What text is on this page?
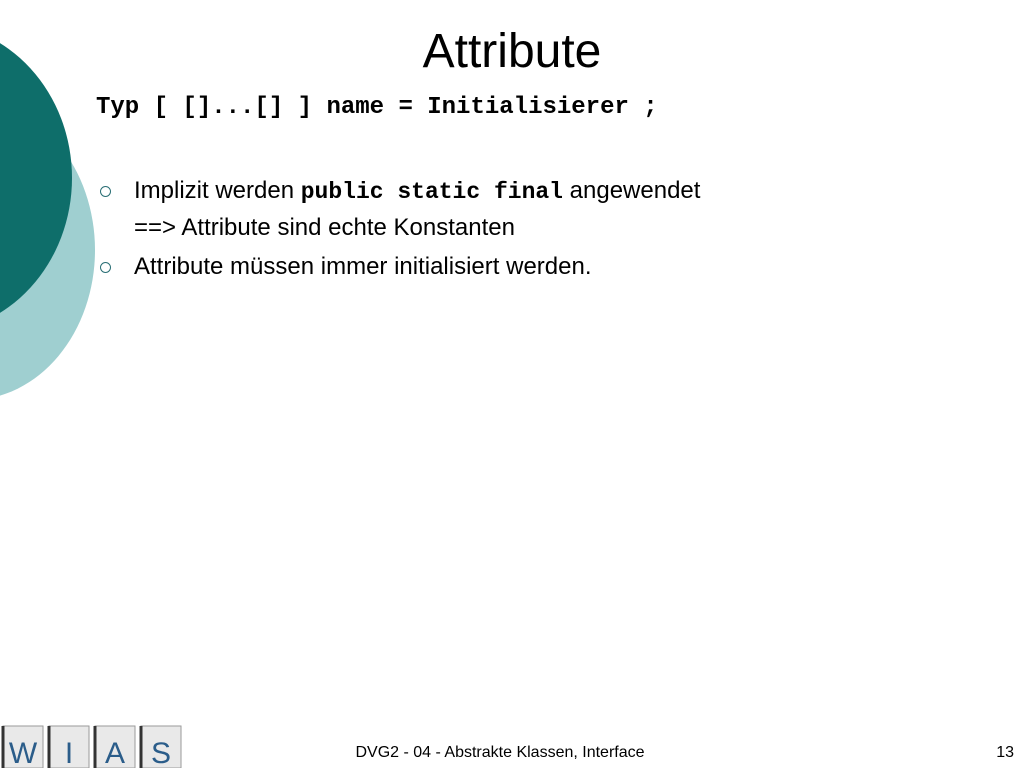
Attribute
Typ [ []...[] ] name = Initialisierer ;
Implizit werden public static final angewendet
==> Attribute sind echte Konstanten
Attribute müssen immer initialisiert werden.
W I A S	DVG2 - 04 - Abstrakte Klassen, Interface	13
